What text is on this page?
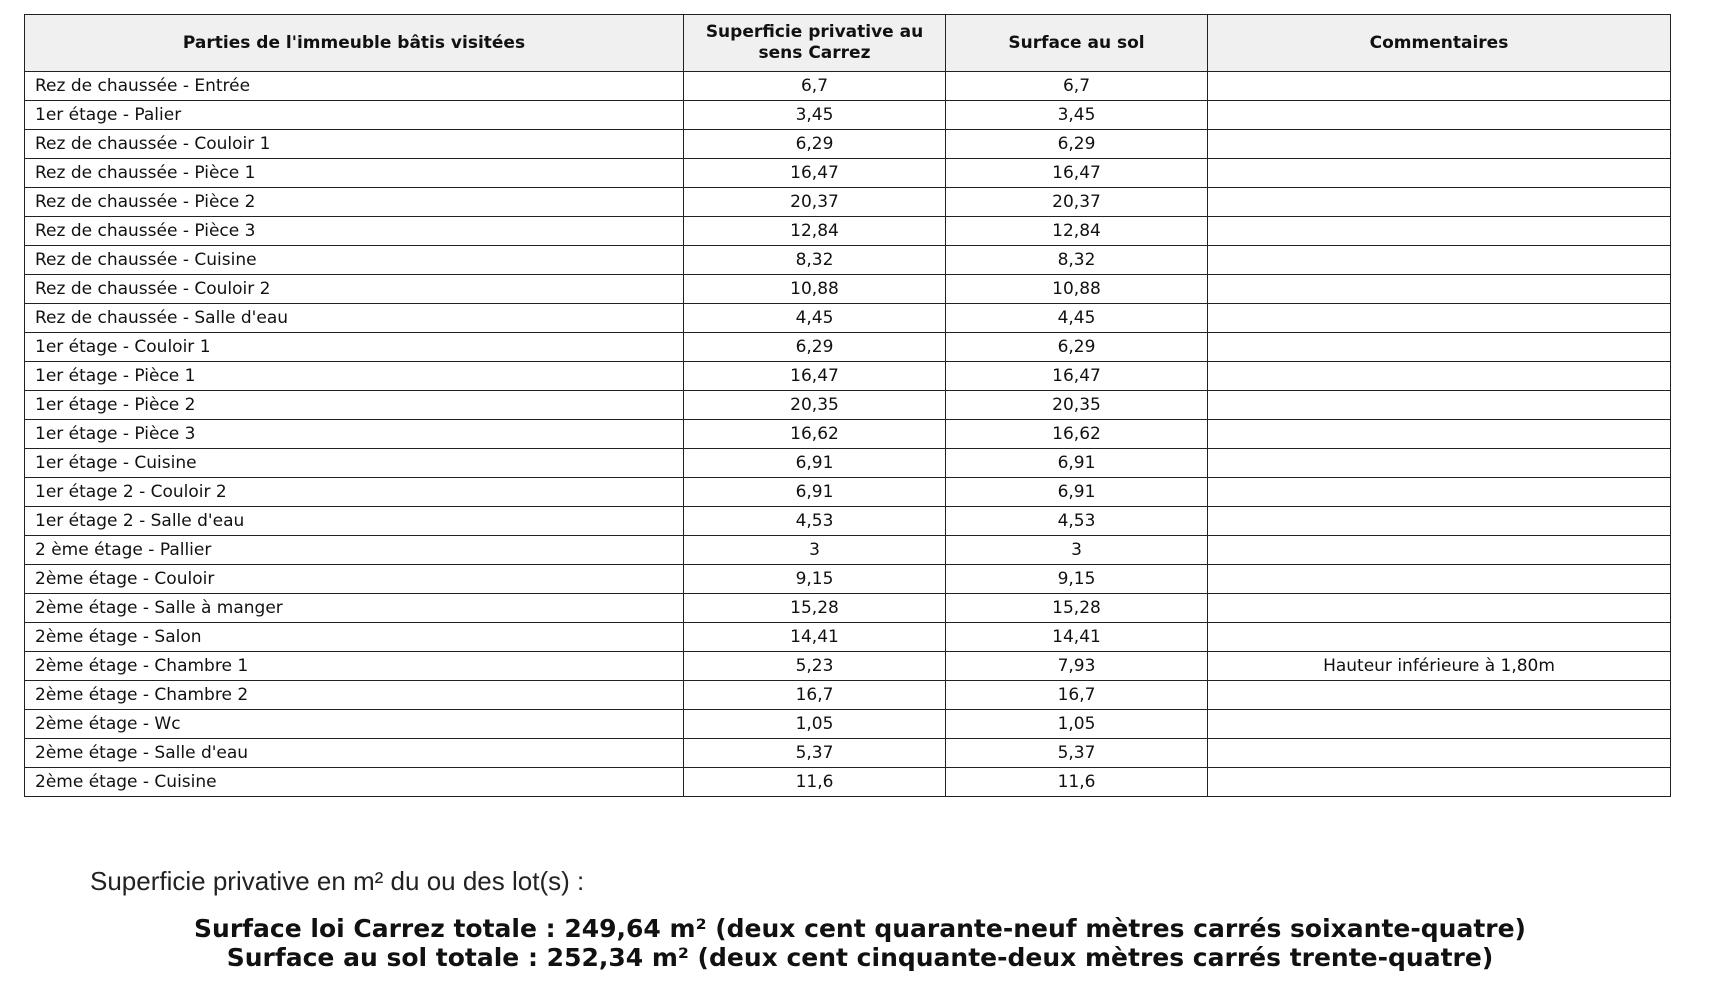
Parties de l'immeuble bâtis visitées	Superficie privative au sens Carrez	Surface au sol	Commentaires
Rez de chaussée - Entrée	6,7	6,7	
1er étage - Palier	3,45	3,45	
Rez de chaussée - Couloir 1	6,29	6,29	
Rez de chaussée - Pièce 1	16,47	16,47	
Rez de chaussée - Pièce 2	20,37	20,37	
Rez de chaussée - Pièce 3	12,84	12,84	
Rez de chaussée - Cuisine	8,32	8,32	
Rez de chaussée - Couloir 2	10,88	10,88	
Rez de chaussée - Salle d'eau	4,45	4,45	
1er étage - Couloir 1	6,29	6,29	
1er étage - Pièce 1	16,47	16,47	
1er étage - Pièce 2	20,35	20,35	
1er étage - Pièce 3	16,62	16,62	
1er étage - Cuisine	6,91	6,91	
1er étage 2 - Couloir 2	6,91	6,91	
1er étage 2 - Salle d'eau	4,53	4,53	
2 ème étage - Pallier	3	3	
2ème étage - Couloir	9,15	9,15	
2ème étage - Salle à manger	15,28	15,28	
2ème étage - Salon	14,41	14,41	
2ème étage - Chambre 1	5,23	7,93	Hauteur inférieure à 1,80m
2ème étage - Chambre 2	16,7	16,7	
2ème étage - Wc	1,05	1,05	
2ème étage - Salle d'eau	5,37	5,37	
2ème étage - Cuisine	11,6	11,6	
Superficie privative en m² du ou des lot(s) :
Surface loi Carrez totale : 249,64 m² (deux cent quarante-neuf mètres carrés soixante-quatre)
Surface au sol totale : 252,34 m² (deux cent cinquante-deux mètres carrés trente-quatre)
